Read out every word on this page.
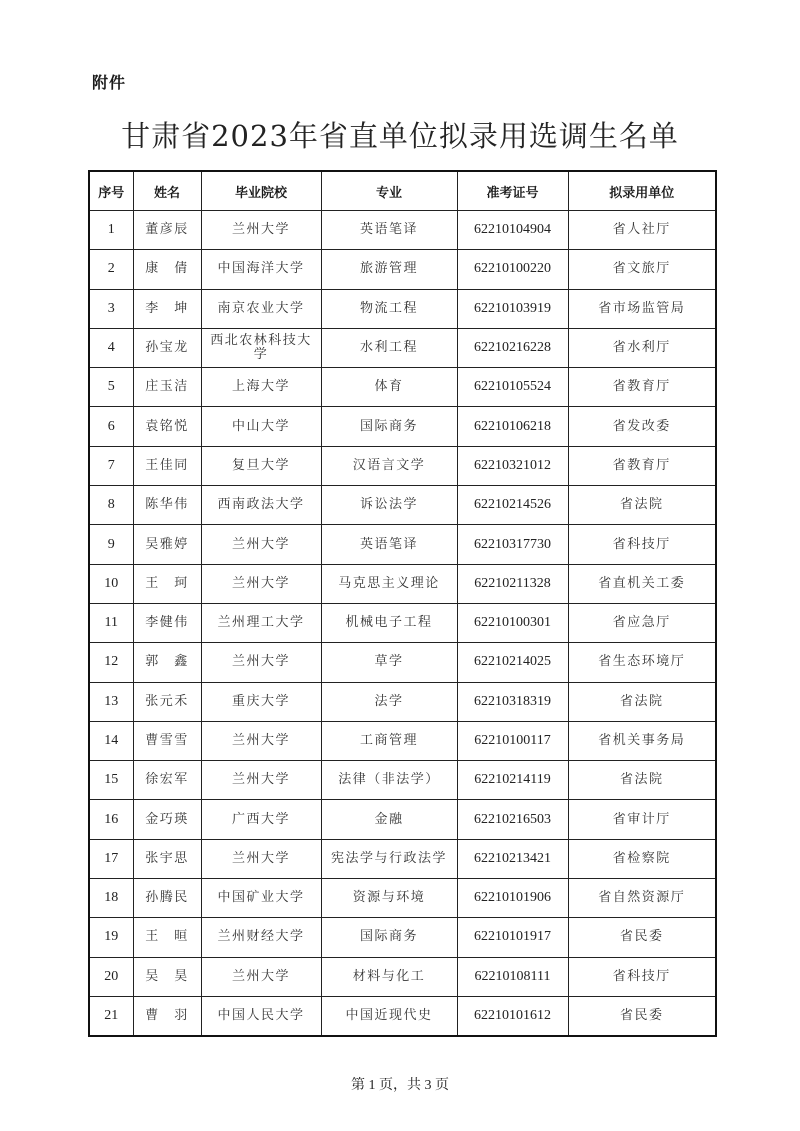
附件
甘肃省2023年省直单位拟录用选调生名单
序号	姓名	毕业院校	专业	准考证号	拟录用单位
1	董彦辰	兰州大学	英语笔译	62210104904	省人社厅
2	康　倩	中国海洋大学	旅游管理	62210100220	省文旅厅
3	李　坤	南京农业大学	物流工程	62210103919	省市场监管局
4	孙宝龙	西北农林科技大学	水利工程	62210216228	省水利厅
5	庄玉洁	上海大学	体育	62210105524	省教育厅
6	袁铭悦	中山大学	国际商务	62210106218	省发改委
7	王佳同	复旦大学	汉语言文学	62210321012	省教育厅
8	陈华伟	西南政法大学	诉讼法学	62210214526	省法院
9	吴雅婷	兰州大学	英语笔译	62210317730	省科技厅
10	王　珂	兰州大学	马克思主义理论	62210211328	省直机关工委
11	李健伟	兰州理工大学	机械电子工程	62210100301	省应急厅
12	郭　鑫	兰州大学	草学	62210214025	省生态环境厅
13	张元禾	重庆大学	法学	62210318319	省法院
14	曹雪雪	兰州大学	工商管理	62210100117	省机关事务局
15	徐宏军	兰州大学	法律（非法学）	62210214119	省法院
16	金巧瑛	广西大学	金融	62210216503	省审计厅
17	张宇思	兰州大学	宪法学与行政法学	62210213421	省检察院
18	孙腾民	中国矿业大学	资源与环境	62210101906	省自然资源厅
19	王　晅	兰州财经大学	国际商务	62210101917	省民委
20	吴　昊	兰州大学	材料与化工	62210108111	省科技厅
21	曹　羽	中国人民大学	中国近现代史	62210101612	省民委
第 1 页，共 3 页
